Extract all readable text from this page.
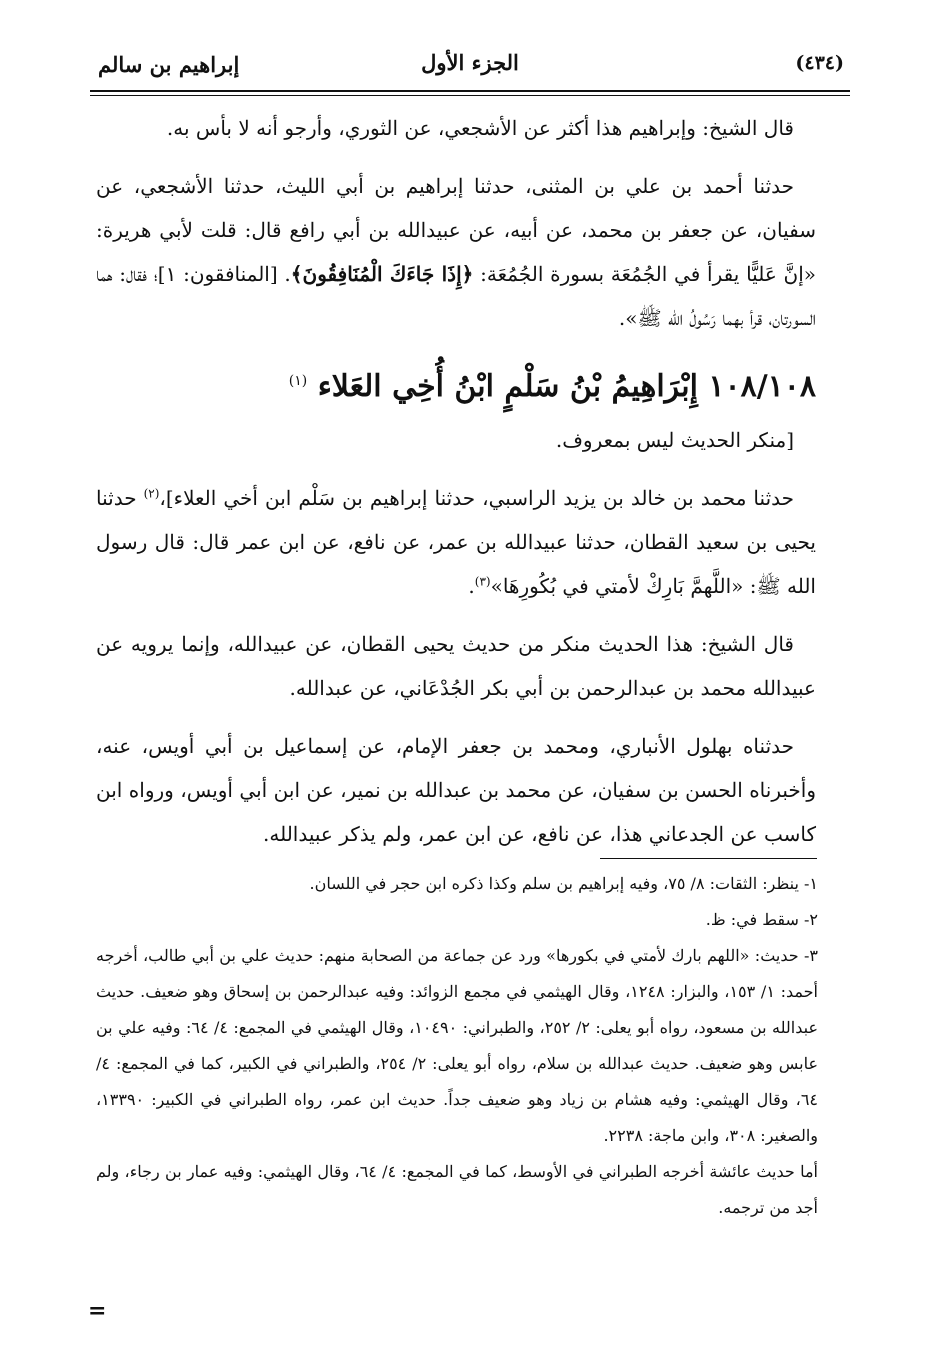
إبراهيم بن سالم	الجزء الأول	(٤٣٤)

قال الشيخ: وإبراهيم هذا أكثر عن الأشجعي، عن الثوري، وأرجو أنه لا بأس به.

حدثنا أحمد بن علي بن المثنى، حدثنا إبراهيم بن أبي الليث، حدثنا الأشجعي، عن سفيان، عن جعفر بن محمد، عن أبيه، عن عبيدالله بن أبي رافع قال: قلت لأبي هريرة: «إنَّ عَليًّا يقرأ في الجُمُعَة بسورة الجُمُعَة: ﴿إِذَا جَاءَكَ الْمُنَافِقُونَ﴾. [المنافقون: ١]؛ فقال: هما السورتان، قرأ بهما رَسُولُ الله ﷺ».

١٠٨/١٠٨ إِبْرَاهِيمُ بْنُ سَلْمٍ ابْنُ أُخِي العَلاء $^{(١)}$

[منكر الحديث ليس بمعروف.

حدثنا محمد بن خالد بن يزيد الراسبي، حدثنا إبراهيم بن سَلْم ابن أخي العلاء]،$^{(٢)}$ حدثنا يحيى بن سعيد القطان، حدثنا عبيدالله بن عمر، عن نافع، عن ابن عمر قال: قال رسول الله ﷺ: «اللَّهمَّ بَارِكْ لأمتي في بُكُورِهَا»$^{(٣)}$.

قال الشيخ: هذا الحديث منكر من حديث يحيى القطان، عن عبيدالله، وإنما يرويه عن عبيدالله محمد بن عبدالرحمن بن أبي بكر الجُدْعَاني، عن عبدالله.

حدثناه بهلول الأنباري، ومحمد بن جعفر الإمام، عن إسماعيل بن أبي أويس، عنه، وأخبرناه الحسن بن سفيان، عن محمد بن عبدالله بن نمير، عن ابن أبي أويس، ورواه ابن كاسب عن الجدعاني هذا، عن نافع، عن ابن عمر، ولم يذكر عبيدالله.

١- ينظر: الثقات: ٨/ ٧٥، وفيه إبراهيم بن سلم وكذا ذكره ابن حجر في اللسان.

٢- سقط في: ظ.

٣- حديث: «اللهم بارك لأمتي في بكورها» ورد عن جماعة من الصحابة منهم: حديث علي بن أبي طالب، أخرجه أحمد: ١/ ١٥٣، والبزار: ١٢٤٨، وقال الهيثمي في مجمع الزوائد: وفيه عبدالرحمن بن إسحاق وهو ضعيف. حديث عبدالله بن مسعود، رواه أبو يعلى: ٢/ ٢٥٢، والطبراني: ١٠٤٩٠، وقال الهيثمي في المجمع: ٤/ ٦٤: وفيه علي بن عابس وهو ضعيف. حديث عبدالله بن سلام، رواه أبو يعلى: ٢/ ٢٥٤، والطبراني في الكبير، كما في المجمع: ٤/ ٦٤، وقال الهيثمي: وفيه هشام بن زياد وهو ضعيف جداً. حديث ابن عمر، رواه الطبراني في الكبير: ١٣٣٩٠، والصغير: ٣٠٨، وابن ماجة: ٢٢٣٨.

أما حديث عائشة أخرجه الطبراني في الأوسط، كما في المجمع: ٤/ ٦٤، وقال الهيثمي: وفيه عمار بن رجاء، ولم أجد من ترجمه.

=
